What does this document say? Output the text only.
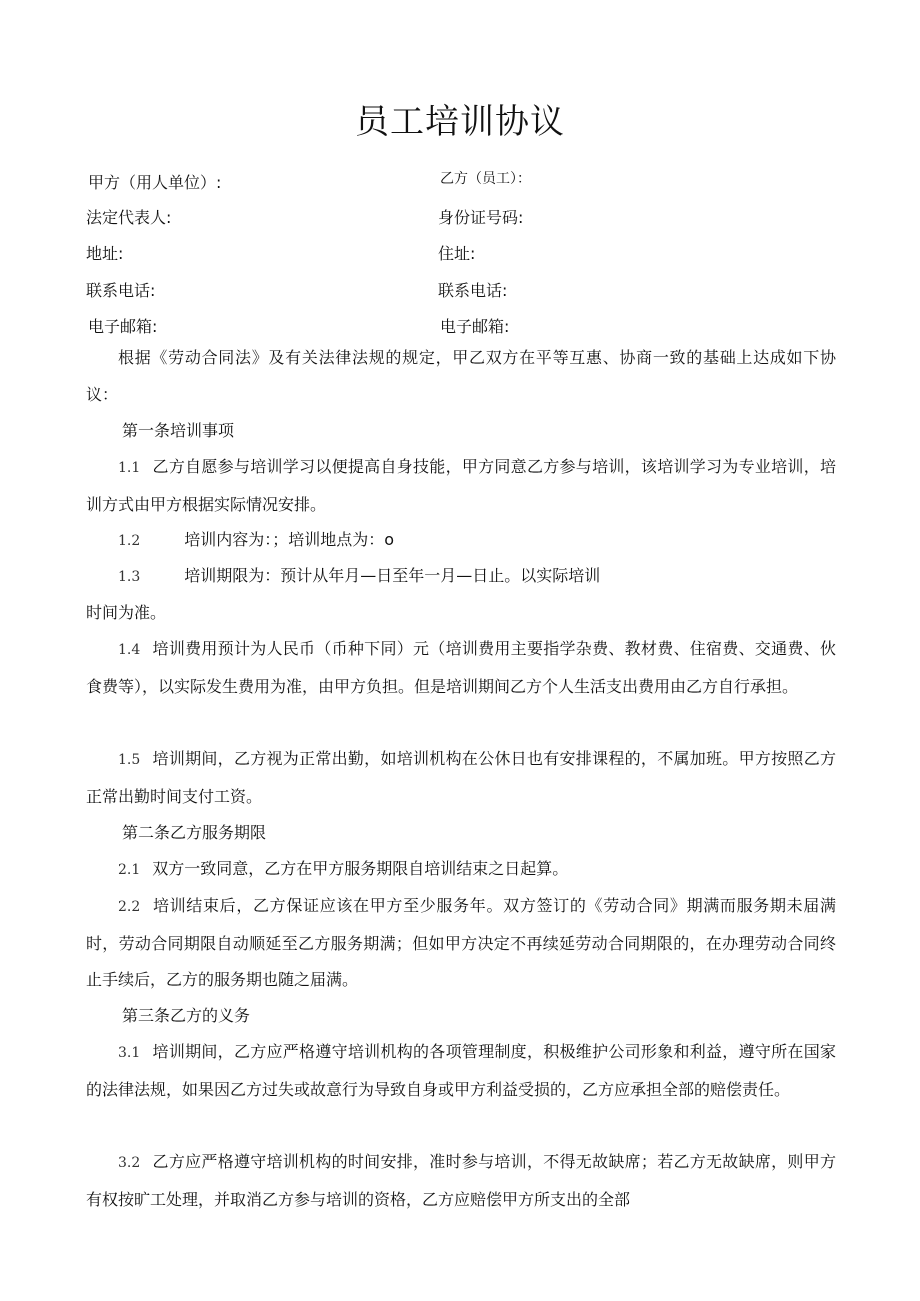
员工培训协议
甲方（用人单位）:	乙方（员工）：
法定代表人:	身份证号码:
地址:	住址:
联系电话:	联系电话:
电子邮箱:	电子邮箱:
根据《劳动合同法》及有关法律法规的规定，甲乙双方在平等互惠、协商一致的基础上达成如下协议：
第一条培训事项
1.1 乙方自愿参与培训学习以便提高自身技能，甲方同意乙方参与培训，该培训学习为专业培训，培训方式由甲方根据实际情况安排。
1.2	培训内容为：；培训地点为：o
1.3	培训期限为：预计从年月—日至年一月—日止。以实际培训
时间为准。
1.4 培训费用预计为人民币（币种下同）元（培训费用主要指学杂费、教材费、住宿费、交通费、伙食费等），以实际发生费用为准，由甲方负担。但是培训期间乙方个人生活支出费用由乙方自行承担。
1.5 培训期间，乙方视为正常出勤，如培训机构在公休日也有安排课程的，不属加班。甲方按照乙方正常出勤时间支付工资。
第二条乙方服务期限
2.1 双方一致同意，乙方在甲方服务期限自培训结束之日起算。
2.2 培训结束后，乙方保证应该在甲方至少服务年。双方签订的《劳动合同》期满而服务期未届满时，劳动合同期限自动顺延至乙方服务期满；但如甲方决定不再续延劳动合同期限的，在办理劳动合同终止手续后，乙方的服务期也随之届满。
第三条乙方的义务
3.1 培训期间，乙方应严格遵守培训机构的各项管理制度，积极维护公司形象和利益，遵守所在国家的法律法规，如果因乙方过失或故意行为导致自身或甲方利益受损的，乙方应承担全部的赔偿责任。
3.2 乙方应严格遵守培训机构的时间安排，准时参与培训，不得无故缺席；若乙方无故缺席，则甲方有权按旷工处理，并取消乙方参与培训的资格，乙方应赔偿甲方所支出的全部
